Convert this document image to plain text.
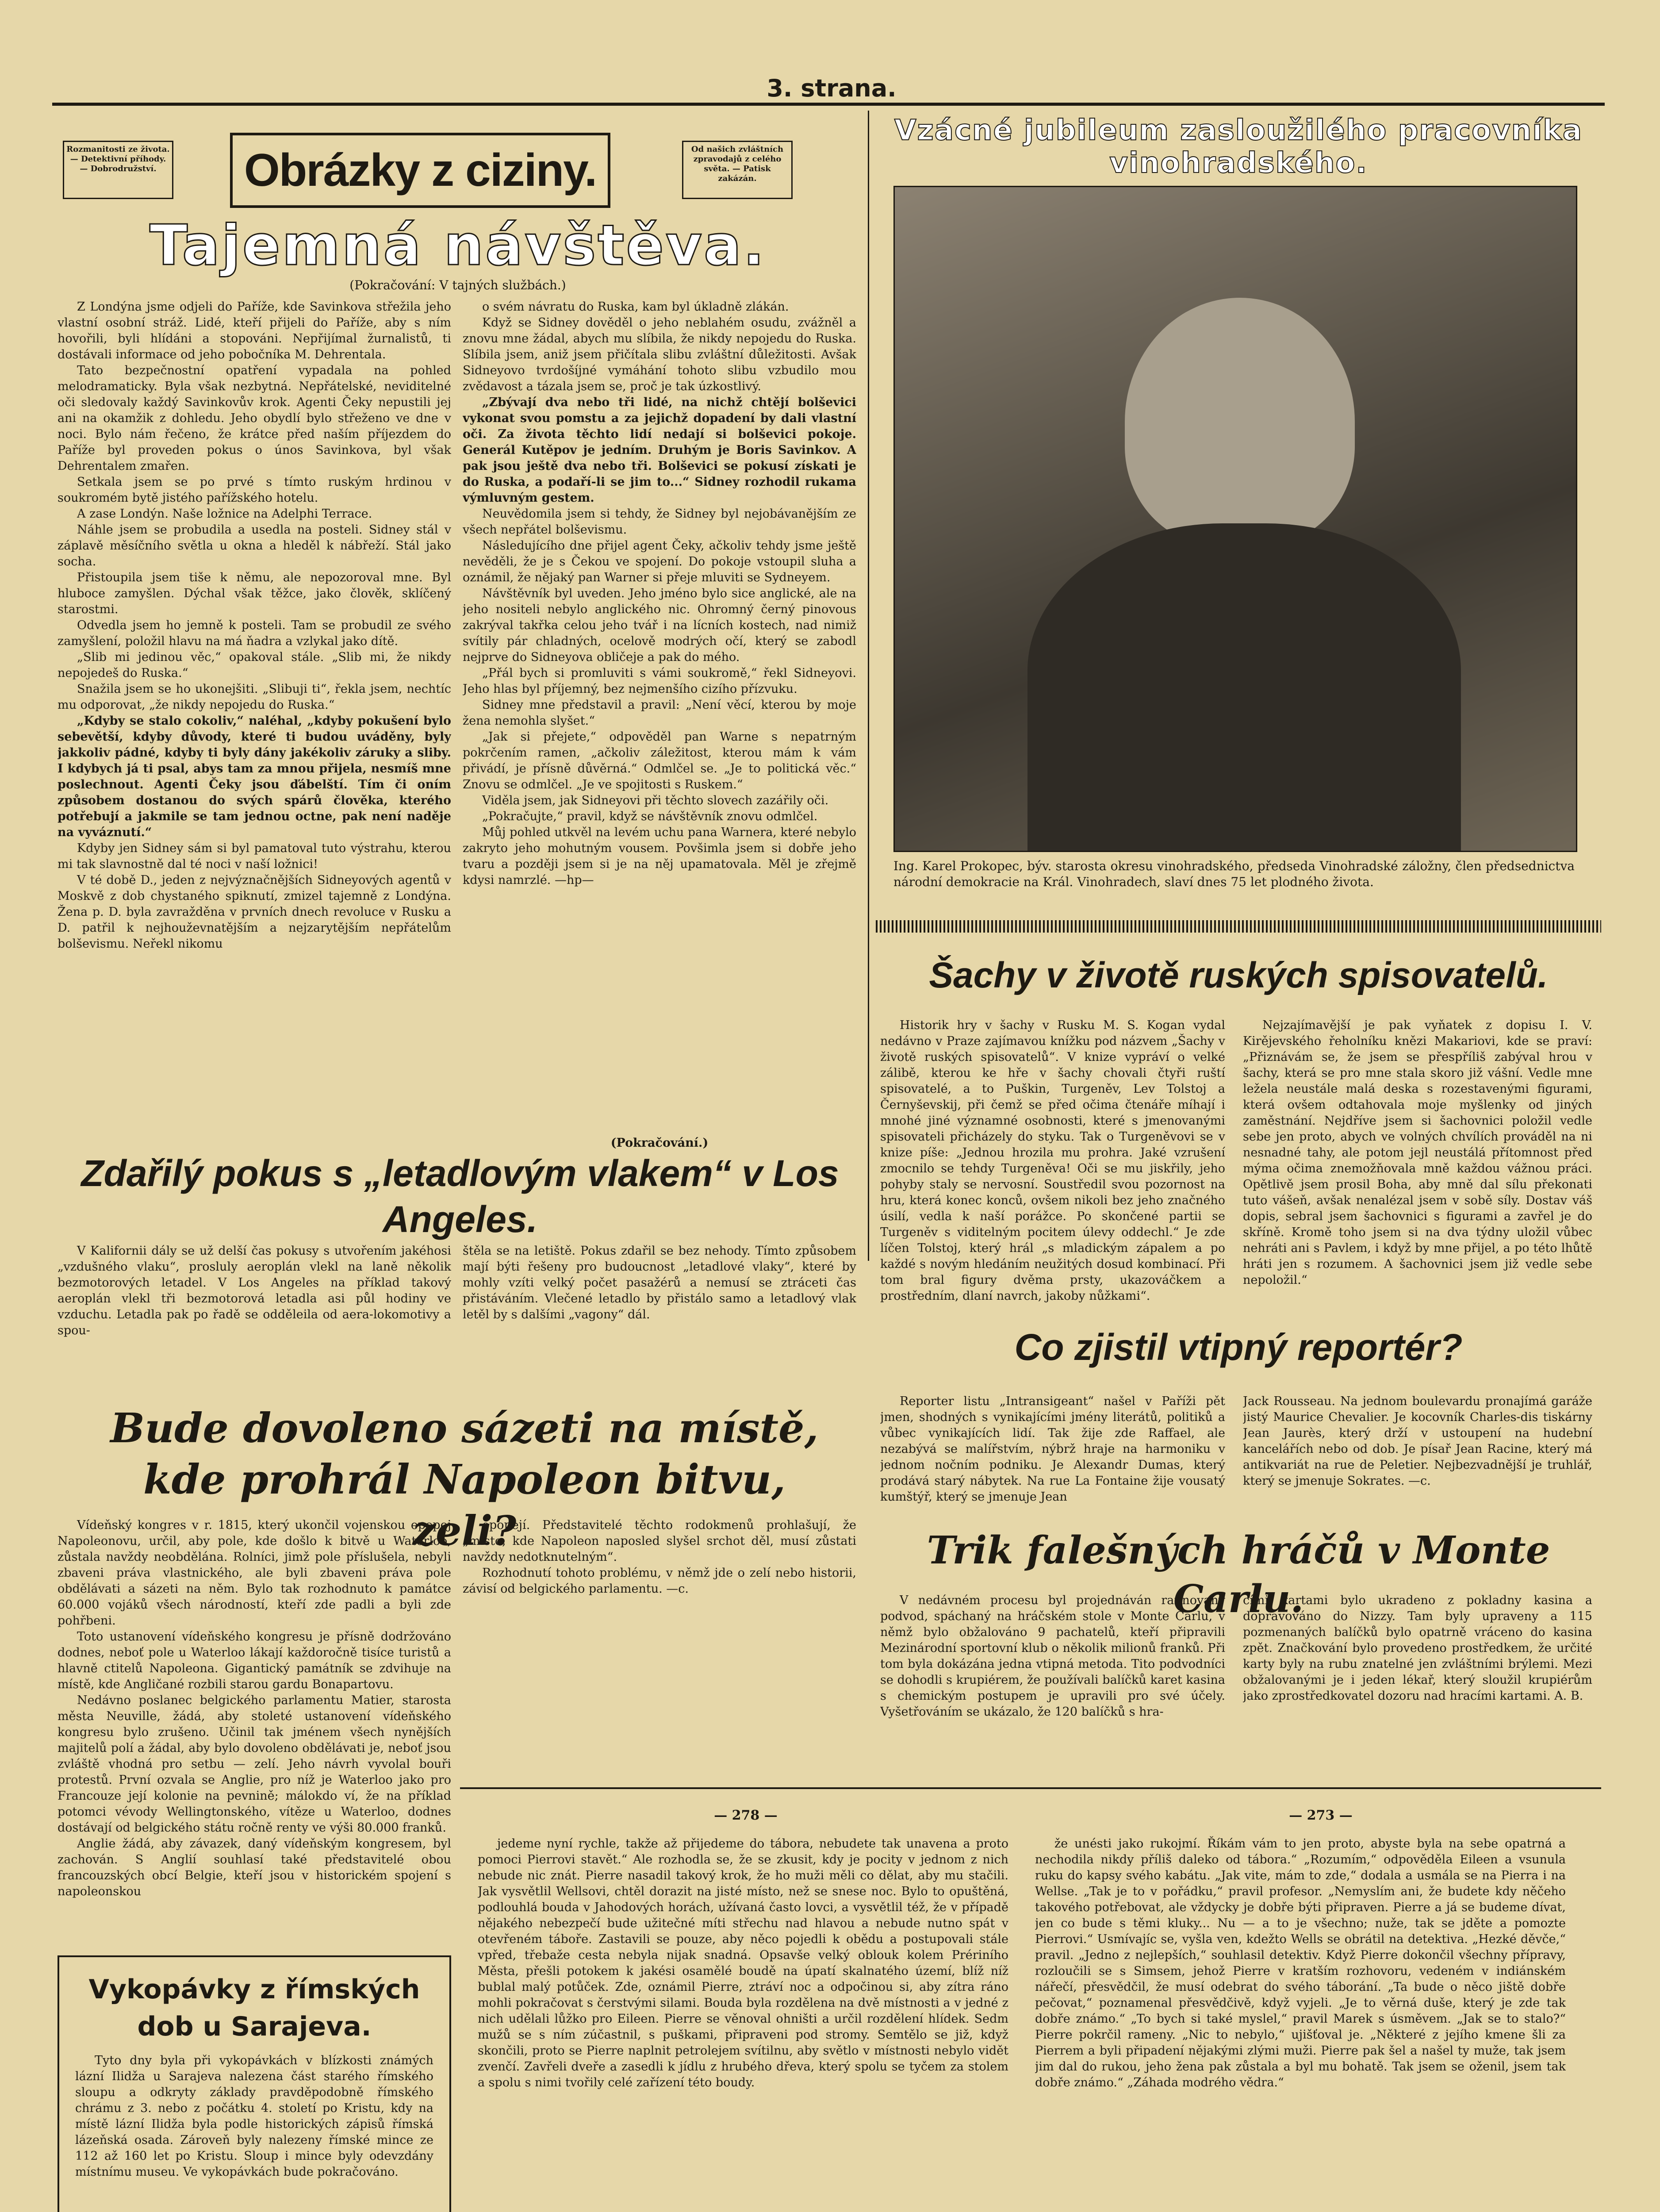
3. strana.
Rozmanitosti ze života. — Detektivní příhody. — Dobrodružství.	Obrázky z ciziny.	Od našich zvláštních zpravodajů z celého světa. — Patisk zakázán.
Tajemná návštěva.
(Pokračování: V tajných službách.)

Z Londýna jsme odjeli do Paříže, kde Savinkova střežila jeho vlastní osobní stráž. Lidé, kteří přijeli do Paříže, aby s ním hovořili, byli hlídáni a stopováni. Nepřijímal žurnalistů, ti dostávali informace od jeho pobočníka M. Dehrentala.

Tato bezpečnostní opatření vypadala na pohled melodramaticky. Byla však nezbytná. Nepřátelské, neviditelné oči sledovaly každý Savinkovův krok. Agenti Čeky nepustili jej ani na okamžik z dohledu. Jeho obydlí bylo střeženo ve dne v noci. Bylo nám řečeno, že krátce před naším příjezdem do Paříže byl proveden pokus o únos Savinkova, byl však Dehrentalem zmařen.

Setkala jsem se po prvé s tímto ruským hrdinou v soukromém bytě jistého pařížského hotelu.

A zase Londýn. Naše ložnice na Adelphi Terrace.

Náhle jsem se probudila a usedla na posteli. Sidney stál v záplavě měsíčního světla u okna a hleděl k nábřeží. Stál jako socha.

Přistoupila jsem tiše k němu, ale nepozoroval mne. Byl hluboce zamyšlen. Dýchal však těžce, jako člověk, sklíčený starostmi.

Odvedla jsem ho jemně k posteli. Tam se probudil ze svého zamyšlení, položil hlavu na má ňadra a vzlykal jako dítě.

„Slib mi jedinou věc,“ opakoval stále. „Slib mi, že nikdy nepojedeš do Ruska.“

Snažila jsem se ho ukonejšiti. „Slibuji ti“, řekla jsem, nechtíc mu odporovat, „že nikdy nepojedu do Ruska.“

„Kdyby se stalo cokoliv,“ naléhal, „kdyby pokušení bylo sebevětší, kdyby důvody, které ti budou uváděny, byly jakkoliv pádné, kdyby ti byly dány jakékoliv záruky a sliby. I kdybych já ti psal, abys tam za mnou přijela, nesmíš mne poslechnout. Agenti Čeky jsou ďábelští. Tím či oním způsobem dostanou do svých spárů člověka, kterého potřebují a jakmile se tam jednou octne, pak není naděje na vyváznutí.“

Kdyby jen Sidney sám si byl pamatoval tuto výstrahu, kterou mi tak slavnostně dal té noci v naší ložnici!

V té době D., jeden z nejvýznačnějších Sidneyových agentů v Moskvě z dob chystaného spiknutí, zmizel tajemně z Londýna. Žena p. D. byla zavražděna v prvních dnech revoluce v Rusku a D. patřil k nejhouževnatějším a nejzarytějším nepřátelům bolševismu. Neřekl nikomu

o svém návratu do Ruska, kam byl úkladně zlákán.

Když se Sidney dověděl o jeho neblahém osudu, zvážněl a znovu mne žádal, abych mu slíbila, že nikdy nepojedu do Ruska. Slíbila jsem, aniž jsem přičítala slibu zvláštní důležitosti. Avšak Sidneyovo tvrdošíjné vymáhání tohoto slibu vzbudilo mou zvědavost a tázala jsem se, proč je tak úzkostlivý.

„Zbývají dva nebo tři lidé, na nichž chtějí bolševici vykonat svou pomstu a za jejichž dopadení by dali vlastní oči. Za života těchto lidí nedají si bolševici pokoje. Generál Kutěpov je jedním. Druhým je Boris Savinkov. A pak jsou ještě dva nebo tři. Bolševici se pokusí získati je do Ruska, a podaří-li se jim to...“ Sidney rozhodil rukama výmluvným gestem.

Neuvědomila jsem si tehdy, že Sidney byl nejobávanějším ze všech nepřátel bolševismu.

Následujícího dne přijel agent Čeky, ačkoliv tehdy jsme ještě nevěděli, že je s Čekou ve spojení. Do pokoje vstoupil sluha a oznámil, že nějaký pan Warner si přeje mluviti se Sydneyem.

Návštěvník byl uveden. Jeho jméno bylo sice anglické, ale na jeho nositeli nebylo anglického nic. Ohromný černý pinovous zakrýval takřka celou jeho tvář i na lícních kostech, nad nimiž svítily pár chladných, ocelově modrých očí, který se zabodl nejprve do Sidneyova obličeje a pak do mého.

„Přál bych si promluviti s vámi soukromě,“ řekl Sidneyovi. Jeho hlas byl příjemný, bez nejmenšího cizího přízvuku.

Sidney mne představil a pravil: „Není věcí, kterou by moje žena nemohla slyšet.“

„Jak si přejete,“ odpověděl pan Warne s nepatrným pokrčením ramen, „ačkoliv záležitost, kterou mám k vám přivádí, je přísně důvěrná.“ Odmlčel se. „Je to politická věc.“ Znovu se odmlčel. „Je ve spojitosti s Ruskem.“

Viděla jsem, jak Sidneyovi při těchto slovech zazářily oči.

„Pokračujte,“ pravil, když se návštěvník znovu odmlčel.

Můj pohled utkvěl na levém uchu pana Warnera, které nebylo zakryto jeho mohutným vousem. Povšimla jsem si dobře jeho tvaru a později jsem si je na něj upamatovala. Měl je zřejmě kdysi namrzlé. —hp—

(Pokračování.)
Vzácné jubileum zasloužilého pracovníka vinohradského.
Ing. Karel Prokopec, býv. starosta okresu vinohradského, předseda Vinohradské záložny, člen předsednictva národní demokracie na Král. Vinohradech, slaví dnes 75 let plodného života.
Šachy v životě ruských spisovatelů.
Historik hry v šachy v Rusku M. S. Kogan vydal nedávno v Praze zajímavou knížku pod názvem „Šachy v životě ruských spisovatelů“. V knize vypráví o velké zálibě, kterou ke hře v šachy chovali čtyři ruští spisovatelé, a to Puškin, Turgeněv, Lev Tolstoj a Černyševskij, při čemž se před očima čtenáře míhají i mnohé jiné významné osobnosti, které s jmenovanými spisovateli přicházely do styku. Tak o Turgeněvovi se v knize píše: „Jednou hrozila mu prohra. Jaké vzrušení zmocnilo se tehdy Turgeněva! Oči se mu jiskřily, jeho pohyby staly se nervosní. Soustředil svou pozornost na hru, která konec konců, ovšem nikoli bez jeho značného úsilí, vedla k naší porážce. Po skončené partii se Turgeněv s viditelným pocitem úlevy oddechl.“ Je zde líčen Tolstoj, který hrál „s mladickým zápalem a po každé s novým hledáním neužitých dosud kombinací. Při tom bral figury dvěma prsty, ukazováčkem a prostředním, dlaní navrch, jakoby nůžkami“.
Nejzajímavější je pak vyňatek z dopisu I. V. Kirějevského řeholníku knězi Makariovi, kde se praví: „Přiznávám se, že jsem se přespříliš zabýval hrou v šachy, která se pro mne stala skoro již vášní. Vedle mne ležela neustále malá deska s rozestavenými figurami, která ovšem odtahovala moje myšlenky od jiných zaměstnání. Nejdříve jsem si šachovnici položil vedle sebe jen proto, abych ve volných chvílích prováděl na ni nesnadné tahy, ale potom jejl neustálá přítomnost před mýma očima znemožňovala mně každou vážnou práci. Opětlivě jsem prosil Boha, aby mně dal sílu překonati tuto vášeň, avšak nenalézal jsem v sobě síly. Dostav váš dopis, sebral jsem šachovnici s figurami a zavřel je do skříně. Kromě toho jsem si na dva týdny uložil vůbec nehráti ani s Pavlem, i když by mne přijel, a po této lhůtě hráti jen s rozumem. A šachovnici jsem již vedle sebe nepoložil.“
Zdařilý pokus s „letadlovým vlakem“ v Los Angeles.
V Kalifornii dály se už delší čas pokusy s utvořením jakéhosi „vzdušného vlaku“, prosluly aeroplán vlekl na laně několik bezmotorových letadel. V Los Angeles na příklad takový aeroplán vlekl tři bezmotorová letadla asi půl hodiny ve vzduchu. Letadla pak po řadě se odděleila od aera-lokomotivy a spou-
štěla se na letiště. Pokus zdařil se bez nehody. Tímto způsobem mají býti řešeny pro budoucnost „letadlové vlaky“, které by mohly vzíti velký počet pasažérů a nemusí se ztráceti čas přistáváním. Vlečené letadlo by přistálo samo a letadlový vlak letěl by s dalšími „vagony“ dál.
Co zjistil vtipný reportér?
Reporter listu „Intransigeant“ našel v Paříži pět jmen, shodných s vynikajícími jmény literátů, politiků a vůbec vynikajících lidí. Tak žije zde Raffael, ale nezabývá se malířstvím, nýbrž hraje na harmoniku v jednom nočním podniku. Je Alexandr Dumas, který prodává starý nábytek. Na rue La Fontaine žije vousatý kumštýř, který se jmenuje Jean
Jack Rousseau. Na jednom boulevardu pronajímá garáže jistý Maurice Chevalier. Je kocovník Charles-dis tiskárny Jean Jaurès, který drží v ustoupení na hudební kancelářích nebo od dob. Je písař Jean Racine, který má antikvariát na rue de Peletier. Nejbezvadnější je truhlář, který se jmenuje Sokrates. —c.
Bude dovoleno sázeti na místě, kde prohrál Napoleon bitvu, zeli?

Vídeňský kongres v r. 1815, který ukončil vojenskou epopej Napoleonovu, určil, aby pole, kde došlo k bitvě u Waterloo, zůstala navždy neobdělána. Rolníci, jimž pole příslušela, nebyli zbaveni práva vlastnického, ale byli zbaveni práva pole obdělávati a sázeti na něm. Bylo tak rozhodnuto k památce 60.000 vojáků všech národností, kteří zde padli a byli zde pohřbeni.

Toto ustanovení vídeňského kongresu je přísně dodržováno dodnes, neboť pole u Waterloo lákají každoročně tisíce turistů a hlavně ctitelů Napoleona. Gigantický památník se zdvihuje na místě, kde Angličané rozbili starou gardu Bonapartovu.

Nedávno poslanec belgického parlamentu Matier, starosta města Neuville, žádá, aby stoleté ustanovení vídeňského kongresu bylo zrušeno. Učinil tak jménem všech nynějších majitelů polí a žádal, aby bylo dovoleno obdělávati je, neboť jsou zvláště vhodná pro setbu — zelí. Jeho návrh vyvolal bouři protestů. První ozvala se Anglie, pro níž je Waterloo jako pro Francouze její kolonie na pevnině; málokdo ví, že na příklad potomci vévody Wellingtonského, vítěze u Waterloo, dodnes dostávají od belgického státu ročně renty ve výši 80.000 franků.

Anglie žádá, aby závazek, daný vídeňským kongresem, byl zachován. S Anglií souhlasí také představitelé obou francouzských obcí Belgie, kteří jsou v historickém spojení s napoleonskou

epopejí. Představitelé těchto rodokmenů prohlašují, že „místo, kde Napoleon naposled slyšel srchot děl, musí zůstati navždy nedotknutelným“.

Rozhodnutí tohoto problému, v němž jde o zelí nebo historii, závisí od belgického parlamentu. —c.

Trik falešných hráčů v Monte Carlu.
V nedávném procesu byl projednáván rafinovaný podvod, spáchaný na hráčském stole v Monte Carlu, v němž bylo obžalováno 9 pachatelů, kteří připravili Mezinárodní sportovní klub o několik milionů franků. Při tom byla dokázána jedna vtipná metoda. Tito podvodníci se dohodli s krupiérem, že používali balíčků karet kasina s chemickým postupem je upravili pro své účely. Vyšetřováním se ukázalo, že 120 balíčků s hra-
cími kartami bylo ukradeno z pokladny kasina a dopravováno do Nizzy. Tam byly upraveny a 115 pozmenaných balíčků bylo opatrně vráceno do kasina zpět. Značkování bylo provedeno prostředkem, že určité karty byly na rubu znatelné jen zvláštními brýlemi. Mezi obžalovanými je i jeden lékař, který sloužil krupiérům jako zprostředkovatel dozoru nad hracími kartami. A. B.
Vykopávky z římských dob u Sarajeva.
Tyto dny byla při vykopávkách v blízkosti známých lázní Ilidža u Sarajeva nalezena část starého římského sloupu a odkryty základy pravděpodobně římského chrámu z 3. nebo z počátku 4. století po Kristu, kdy na místě lázní Ilidža byla podle historických zápisů římská lázeňská osada. Zároveň byly nalezeny římské mince ze 112 až 160 let po Kristu. Sloup i mince byly odevzdány místnímu museu. Ve vykopávkách bude pokračováno.
— 278 —	— 273 —
jedeme nyní rychle, takže až přijedeme do tábora, nebudete tak unavena a proto pomoci Pierrovi stavět.“ Ale rozhodla se, že se zkusit, kdy je pocity v jednom z nich nebude nic znát. Pierre nasadil takový krok, že ho muži měli co dělat, aby mu stačili. Jak vysvětlil Wellsovi, chtěl dorazit na jisté místo, než se snese noc. Bylo to opuštěná, podlouhlá bouda v Jahodových horách, užívaná často lovci, a vysvětlil též, že v případě nějakého nebezpečí bude užitečné míti střechu nad hlavou a nebude nutno spát v otevřeném táboře. Zastavili se pouze, aby něco pojedli k obědu a postupovali stále vpřed, třebaže cesta nebyla nijak snadná. Opsavše velký oblouk kolem Prériního Města, přešli potokem k jakési osamělé boudě na úpatí skalnatého území, blíž níž bublal malý potůček. Zde, oznámil Pierre, ztráví noc a odpočinou si, aby zítra ráno mohli pokračovat s čerstvými silami. Bouda byla rozdělena na dvě místnosti a v jedné z nich udělali lůžko pro Eileen. Pierre se věnoval ohništi a určil rozdělení hlídek. Sedm mužů se s ním zúčastnil, s puškami, připraveni pod stromy. Semtělo se již, když skončili, proto se Pierre naplnit petrolejem svítilnu, aby světlo v místnosti nebylo vidět zvenčí. Zavřeli dveře a zasedli k jídlu z hrubého dřeva, který spolu se tyčem za stolem a spolu s nimi tvořily celé zařízení této boudy.
že unésti jako rukojmí. Říkám vám to jen proto, abyste byla na sebe opatrná a nechodila nikdy příliš daleko od tábora.“ „Rozumím,“ odpověděla Eileen a vsunula ruku do kapsy svého kabátu. „Jak vite, mám to zde,“ dodala a usmála se na Pierra i na Wellse. „Tak je to v pořádku,“ pravil profesor. „Nemyslím ani, že budete kdy něčeho takového potřebovat, ale vždycky je dobře býti připraven. Pierre a já se budeme dívat, jen co bude s těmi kluky... Nu — a to je všechno; nuže, tak se jděte a pomozte Pierrovi.“ Usmívajíc se, vyšla ven, kdežto Wells se obrátil na detektiva. „Hezké děvče,“ pravil. „Jedno z nejlepších,“ souhlasil detektiv. Když Pierre dokončil všechny přípravy, rozloučili se s Simsem, jehož Pierre v kratším rozhovoru, vedeném v indiánském nářečí, přesvědčil, že musí odebrat do svého táborání. „Ta bude o něco jiště dobře pečovat,“ poznamenal přesvědčivě, když vyjeli. „Je to věrná duše, který je zde tak dobře známo.“ „To bych si také myslel,“ pravil Marek s úsměvem. „Jak se to stalo?“ Pierre pokrčil rameny. „Nic to nebylo,“ ujišťoval je. „Některé z jejího kmene šli za Pierrem a byli připadení nějakými zlými muži. Pierre pak šel a našel ty muže, tak jsem jim dal do rukou, jeho žena pak zůstala a byl mu bohatě. Tak jsem se oženil, jsem tak dobře známo.“ „Záhada modrého vědra.“
